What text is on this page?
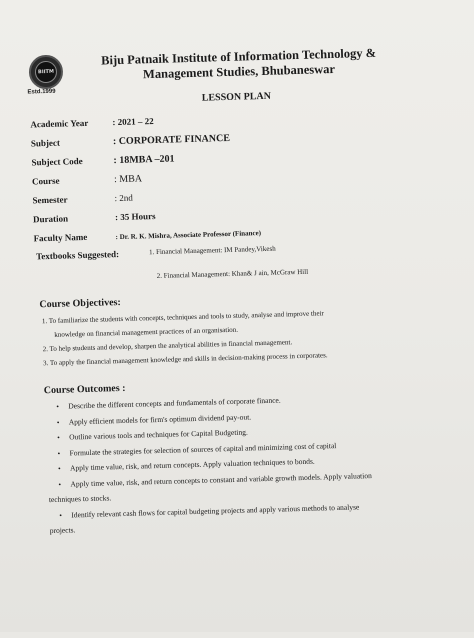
BIITM
Estd.1999
Biju Patnaik Institute of Information Technology &
Management Studies, Bhubaneswar
LESSON PLAN
Academic Year	: 2021 – 22
Subject	: CORPORATE FINANCE
Subject Code	: 18MBA –201
Course	: MBA
Semester	: 2nd
Duration	: 35 Hours
Faculty Name	: Dr. R. K. Mishra, Associate Professor (Finance)
Textbooks Suggested:	1. Financial Management: IM Pandey,Vikesh
2. Financial Management: Khan& J ain, McGraw Hill
Course Objectives:
1. To familiarize the students with concepts, techniques and tools to study, analyse and improve their
knowledge on financial management practices of an organisation.
2. To help students and develop, sharpen the analytical abilities in financial management.
3. To apply the financial management knowledge and skills in decision-making process in corporates.
Course Outcomes :
•	Describe the different concepts and fundamentals of corporate finance.
•	Apply efficient models for firm's optimum dividend pay-out.
•	Outline various tools and techniques for Capital Budgeting.
•	Formulate the strategies for selection of sources of capital and minimizing cost of capital
•	Apply time value, risk, and return concepts. Apply valuation techniques to bonds.
•	Apply time value, risk, and return concepts to constant and variable growth models. Apply valuation
techniques to stocks.
•	Identify relevant cash flows for capital budgeting projects and apply various methods to analyse
projects.
